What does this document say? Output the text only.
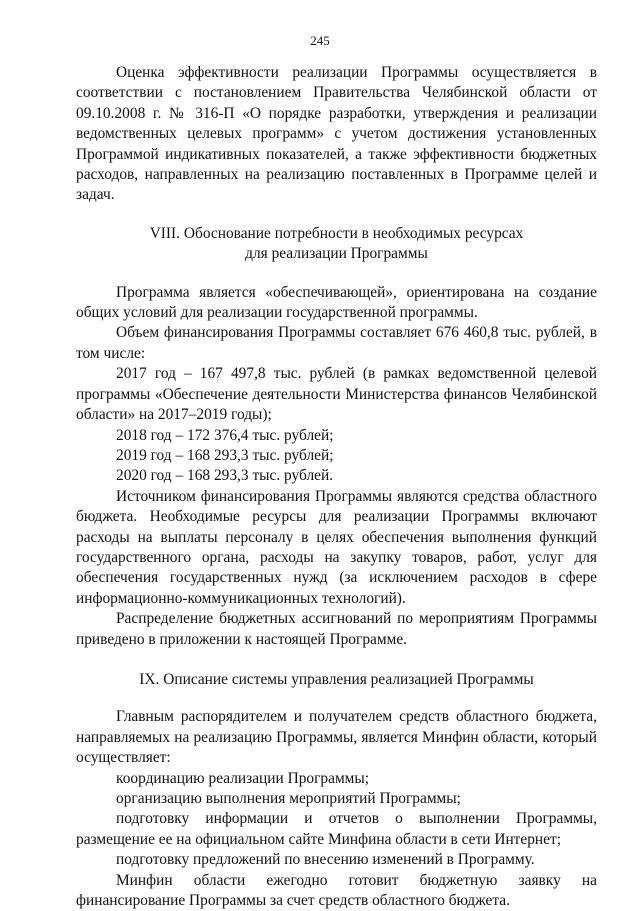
245

Оценка эффективности реализации Программы осуществляется в соответствии с постановлением Правительства Челябинской области от 09.10.2008 г. № 316-П «О порядке разработки, утверждения и реализации ведомственных целевых программ» с учетом достижения установленных Программой индикативных показателей, а также эффективности бюджетных расходов, направленных на реализацию поставленных в Программе целей и задач.

VIII. Обоснование потребности в необходимых ресурсах

для реализации Программы

Программа является «обеспечивающей», ориентирована на создание общих условий для реализации государственной программы.

Объем финансирования Программы составляет 676 460,8 тыс. рублей, в том числе:

2017 год – 167 497,8 тыс. рублей (в рамках ведомственной целевой программы «Обеспечение деятельности Министерства финансов Челябинской области» на 2017–2019 годы);

2018 год – 172 376,4 тыс. рублей;

2019 год – 168 293,3 тыс. рублей;

2020 год – 168 293,3 тыс. рублей.

Источником финансирования Программы являются средства областного бюджета. Необходимые ресурсы для реализации Программы включают расходы на выплаты персоналу в целях обеспечения выполнения функций государственного органа, расходы на закупку товаров, работ, услуг для обеспечения государственных нужд (за исключением расходов в сфере информационно-коммуникационных технологий).

Распределение бюджетных ассигнований по мероприятиям Программы приведено в приложении к настоящей Программе.

IX. Описание системы управления реализацией Программы

Главным распорядителем и получателем средств областного бюджета, направляемых на реализацию Программы, является Минфин области, который осуществляет:

координацию реализации Программы;

организацию выполнения мероприятий Программы;

подготовку информации и отчетов о выполнении Программы, размещение ее на официальном сайте Минфина области в сети Интернет;

подготовку предложений по внесению изменений в Программу.

Минфин области ежегодно готовит бюджетную заявку на финансирование Программы за счет средств областного бюджета.
